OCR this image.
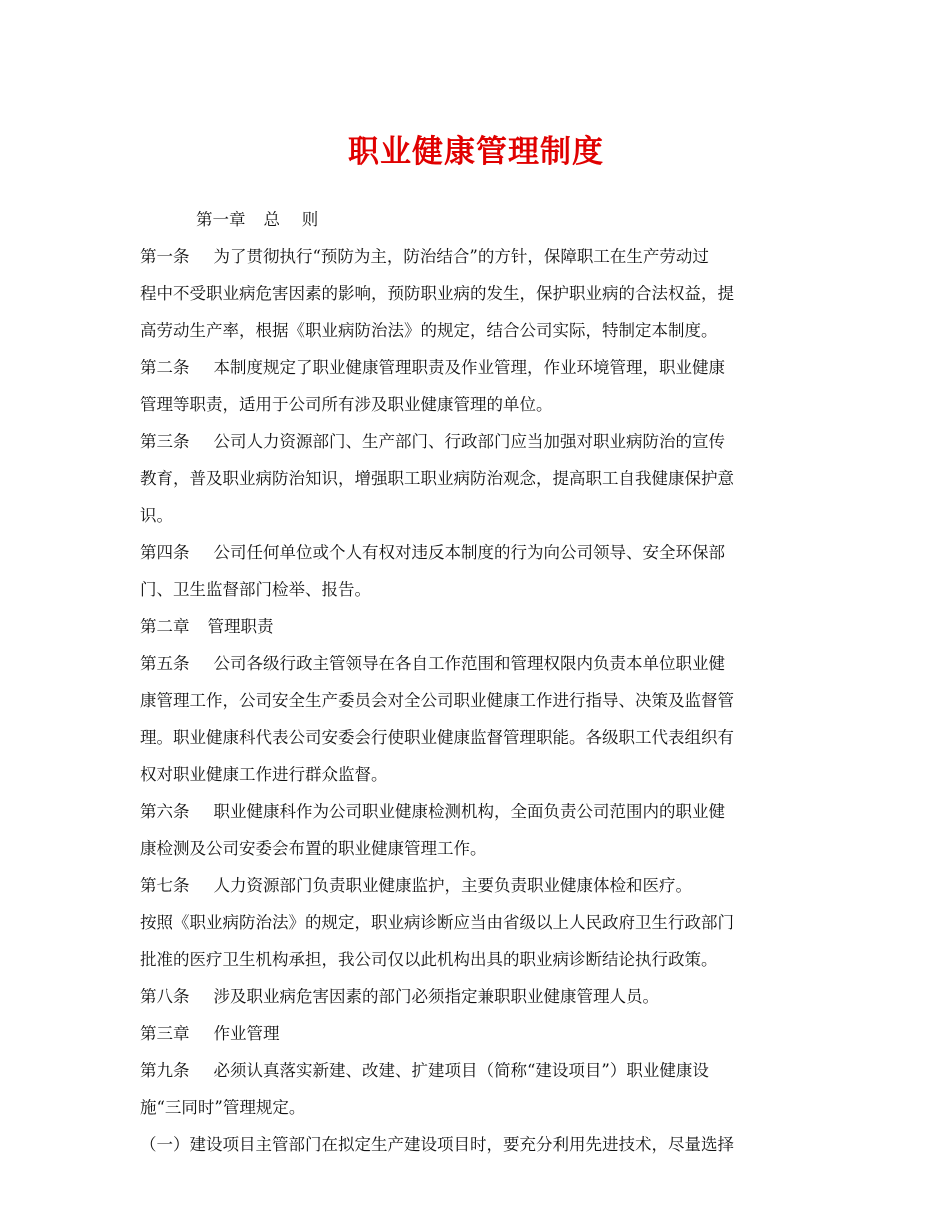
职业健康管理制度
第一章 总　 则
第一条 为了贯彻执行“预防为主，防治结合”的方针，保障职工在生产劳动过
程中不受职业病危害因素的影响，预防职业病的发生，保护职业病的合法权益，提
高劳动生产率，根据《职业病防治法》的规定，结合公司实际，特制定本制度。
第二条 本制度规定了职业健康管理职责及作业管理，作业环境管理，职业健康
管理等职责，适用于公司所有涉及职业健康管理的单位。
第三条 公司人力资源部门、生产部门、行政部门应当加强对职业病防治的宣传
教育，普及职业病防治知识，增强职工职业病防治观念，提高职工自我健康保护意
识。
第四条 公司任何单位或个人有权对违反本制度的行为向公司领导、安全环保部
门、卫生监督部门检举、报告。
第二章 管理职责
第五条 公司各级行政主管领导在各自工作范围和管理权限内负责本单位职业健
康管理工作，公司安全生产委员会对全公司职业健康工作进行指导、决策及监督管
理。职业健康科代表公司安委会行使职业健康监督管理职能。各级职工代表组织有
权对职业健康工作进行群众监督。
第六条 职业健康科作为公司职业健康检测机构，全面负责公司范围内的职业健
康检测及公司安委会布置的职业健康管理工作。
第七条 人力资源部门负责职业健康监护，主要负责职业健康体检和医疗。
按照《职业病防治法》的规定，职业病诊断应当由省级以上人民政府卫生行政部门
批准的医疗卫生机构承担，我公司仅以此机构出具的职业病诊断结论执行政策。
第八条 涉及职业病危害因素的部门必须指定兼职职业健康管理人员。
第三章 作业管理
第九条 必须认真落实新建、改建、扩建项目（简称“建设项目”）职业健康设
施“三同时”管理规定。
（一）建设项目主管部门在拟定生产建设项目时，要充分利用先进技术，尽量选择
